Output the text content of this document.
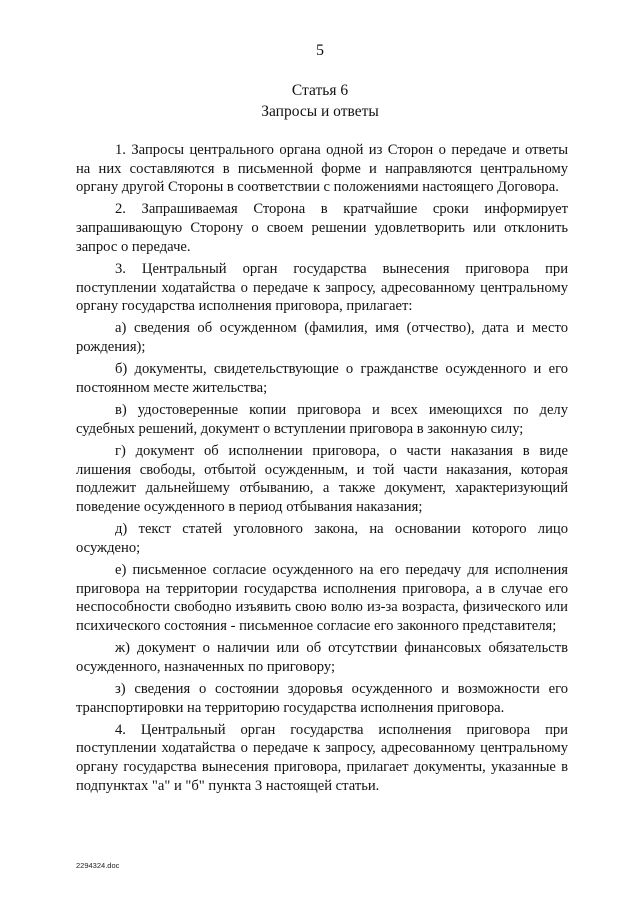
5
Статья 6
Запросы и ответы

1. Запросы центрального органа одной из Сторон о передаче и ответы на них составляются в письменной форме и направляются центральному органу другой Стороны в соответствии с положениями настоящего Договора.

2. Запрашиваемая Сторона в кратчайшие сроки информирует запрашивающую Сторону о своем решении удовлетворить или отклонить запрос о передаче.

3. Центральный орган государства вынесения приговора при поступлении ходатайства о передаче к запросу, адресованному центральному органу государства исполнения приговора, прилагает:

а) сведения об осужденном (фамилия, имя (отчество), дата и место рождения);

б) документы, свидетельствующие о гражданстве осужденного и его постоянном месте жительства;

в) удостоверенные копии приговора и всех имеющихся по делу судебных решений, документ о вступлении приговора в законную силу;

г) документ об исполнении приговора, о части наказания в виде лишения свободы, отбытой осужденным, и той части наказания, которая подлежит дальнейшему отбыванию, а также документ, характеризующий поведение осужденного в период отбывания наказания;

д) текст статей уголовного закона, на основании которого лицо осуждено;

е) письменное согласие осужденного на его передачу для исполнения приговора на территории государства исполнения приговора, а в случае его неспособности свободно изъявить свою волю из-за возраста, физического или психического состояния - письменное согласие его законного представителя;

ж) документ о наличии или об отсутствии финансовых обязательств осужденного, назначенных по приговору;

з) сведения о состоянии здоровья осужденного и возможности его транспортировки на территорию государства исполнения приговора.

4. Центральный орган государства исполнения приговора при поступлении ходатайства о передаче к запросу, адресованному центральному органу государства вынесения приговора, прилагает документы, указанные в подпунктах "а" и "б" пункта 3 настоящей статьи.

2294324.doc
